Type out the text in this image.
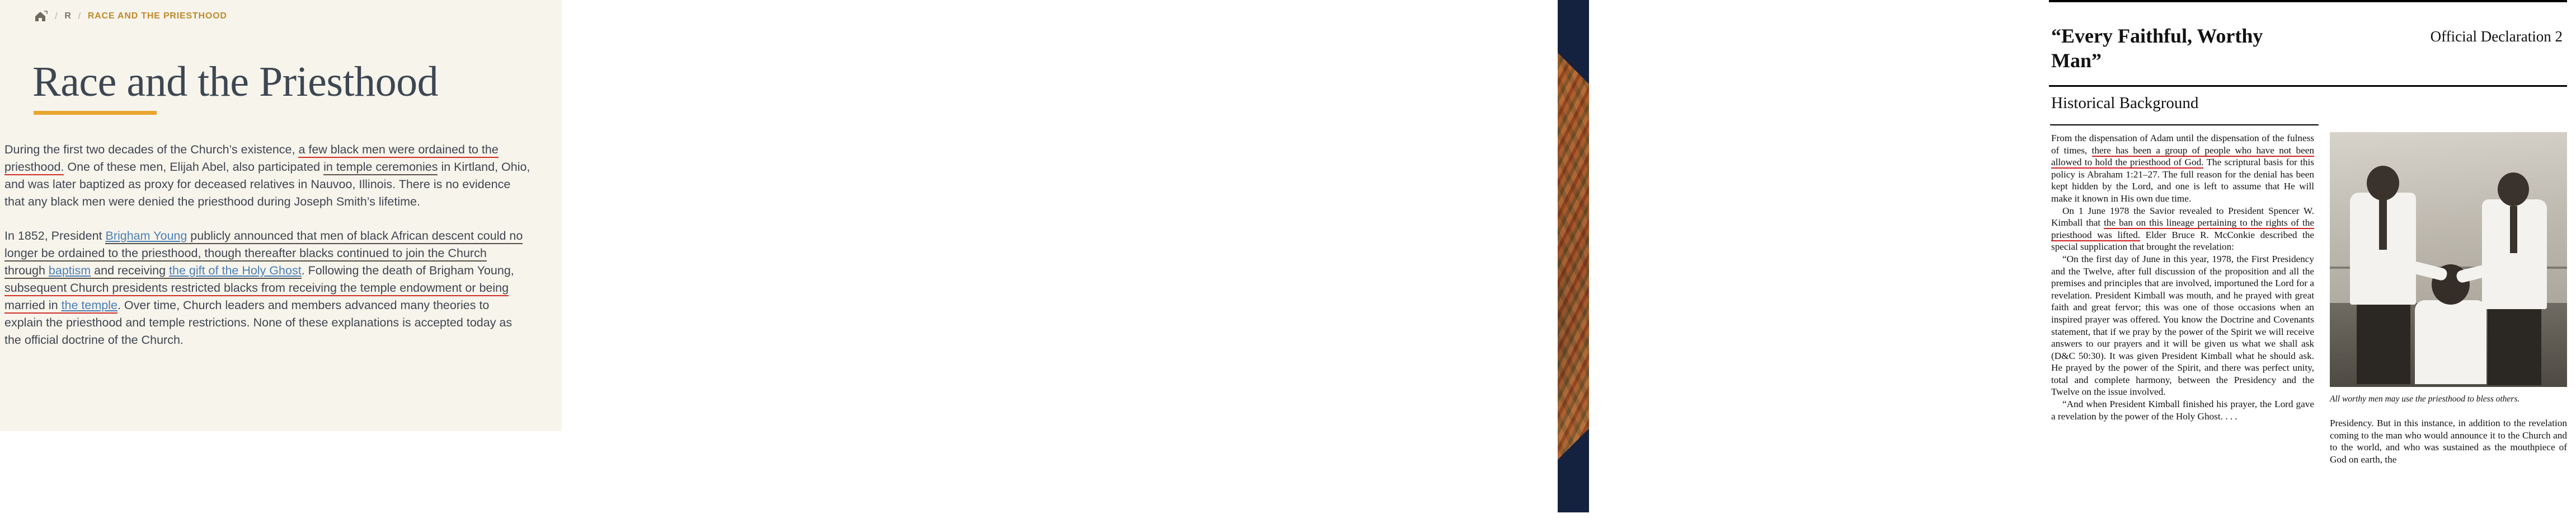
/ R / RACE AND THE PRIESTHOOD
Race and the Priesthood

During the first two decades of the Church’s existence, a few black men were ordained to the priesthood. One of these men, Elijah Abel, also participated in temple ceremonies in Kirtland, Ohio, and was later baptized as proxy for deceased relatives in Nauvoo, Illinois. There is no evidence that any black men were denied the priesthood during Joseph Smith’s lifetime.

In 1852, President Brigham Young publicly announced that men of black African descent could no longer be ordained to the priesthood, though thereafter blacks continued to join the Church through baptism and receiving the gift of the Holy Ghost. Following the death of Brigham Young, subsequent Church presidents restricted blacks from receiving the temple endowment or being married in the temple. Over time, Church leaders and members advanced many theories to explain the priesthood and temple restrictions. None of these explanations is accepted today as the official doctrine of the Church.

“Every Faithful, Worthy Man”
Official Declaration 2
Historical Background

From the dispensation of Adam until the dispensation of the fulness of times, there has been a group of people who have not been allowed to hold the priesthood of God. The scriptural basis for this policy is Abraham 1:21–27. The full reason for the denial has been kept hidden by the Lord, and one is left to assume that He will make it known in His own due time.

On 1 June 1978 the Savior revealed to President Spencer W. Kimball that the ban on this lineage pertaining to the rights of the priesthood was lifted. Elder Bruce R. McConkie described the special supplication that brought the revelation:

“On the first day of June in this year, 1978, the First Presidency and the Twelve, after full discussion of the proposition and all the premises and principles that are involved, importuned the Lord for a revelation. President Kimball was mouth, and he prayed with great faith and great fervor; this was one of those occasions when an inspired prayer was offered. You know the Doctrine and Covenants statement, that if we pray by the power of the Spirit we will receive answers to our prayers and it will be given us what we shall ask (D&C 50:30). It was given President Kimball what he should ask. He prayed by the power of the Spirit, and there was perfect unity, total and complete harmony, between the Presidency and the Twelve on the issue involved.

“And when President Kimball finished his prayer, the Lord gave a revelation by the power of the Holy Ghost. . . .

All worthy men may use the priesthood to bless others.

Presidency. But in this instance, in addition to the revelation coming to the man who would announce it to the Church and to the world, and who was sustained as the mouthpiece of God on earth, the
